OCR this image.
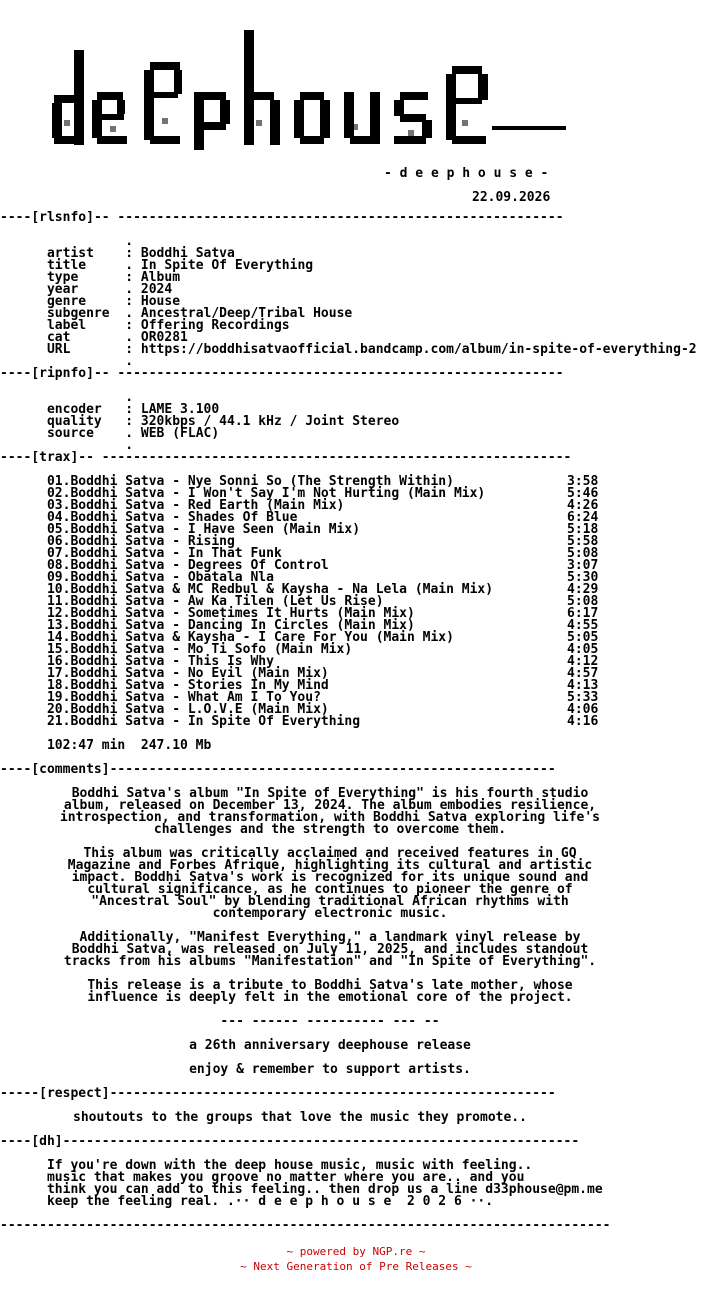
- d e e p h o u s e -
22.09.2026
----[rlsnfo]-- ---------------------------------------------------------
.
artist    : Boddhi Satva
title     . In Spite Of Everything
type      : Album
year      . 2024
genre     : House
subgenre  . Ancestral/Deep/Tribal House
label     : Offering Recordings
cat       . OR0281
URL       : https://boddhisatvaofficial.bandcamp.com/album/in-spite-of-everything-2
.
----[ripnfo]-- ---------------------------------------------------------
.
encoder   : LAME 3.100
quality   : 320kbps / 44.1 kHz / Joint Stereo
source    . WEB (FLAC)
.
----[trax]-- ------------------------------------------------------------
01.Boddhi Satva - Nye Sonni So (The Strength Within)	3:58
02.Boddhi Satva - I Won't Say I'm Not Hurting (Main Mix)	5:46
03.Boddhi Satva - Red Earth (Main Mix)	4:26
04.Boddhi Satva - Shades Of Blue	6:24
05.Boddhi Satva - I Have Seen (Main Mix)	5:18
06.Boddhi Satva - Rising	5:58
07.Boddhi Satva - In That Funk	5:08
08.Boddhi Satva - Degrees Of Control	3:07
09.Boddhi Satva - Obatala Nla	5:30
10.Boddhi Satva & MC Redbul & Kaysha - Na Lela (Main Mix)	4:29
11.Boddhi Satva - Aw Ka Tilen (Let Us Rise)	5:08
12.Boddhi Satva - Sometimes It Hurts (Main Mix)	6:17
13.Boddhi Satva - Dancing In Circles (Main Mix)	4:55
14.Boddhi Satva & Kaysha - I Care For You (Main Mix)	5:05
15.Boddhi Satva - Mo Ti Sofo (Main Mix)	4:05
16.Boddhi Satva - This Is Why	4:12
17.Boddhi Satva - No Evil (Main Mix)	4:57
18.Boddhi Satva - Stories In My Mind	4:13
19.Boddhi Satva - What Am I To You?	5:33
20.Boddhi Satva - L.O.V.E (Main Mix)	4:06
21.Boddhi Satva - In Spite Of Everything	4:16
102:47 min  247.10 Mb
----[comments]---------------------------------------------------------
Boddhi Satva's album "In Spite of Everything" is his fourth studio
album, released on December 13, 2024. The album embodies resilience,
introspection, and transformation, with Boddhi Satva exploring life's
challenges and the strength to overcome them.
This album was critically acclaimed and received features in GQ
Magazine and Forbes Afrique, highlighting its cultural and artistic
impact. Boddhi Satva's work is recognized for its unique sound and
cultural significance, as he continues to pioneer the genre of
"Ancestral Soul" by blending traditional African rhythms with
contemporary electronic music.
Additionally, "Manifest Everything," a landmark vinyl release by
Boddhi Satva, was released on July 11, 2025, and includes standout
tracks from his albums "Manifestation" and "In Spite of Everything".
This release is a tribute to Boddhi Satva's late mother, whose
influence is deeply felt in the emotional core of the project.
--- ------ ---------- --- --
a 26th anniversary deephouse release
enjoy & remember to support artists.
-----[respect]---------------------------------------------------------
shoutouts to the groups that love the music they promote..
----[dh]------------------------------------------------------------------
If you're down with the deep house music, music with feeling..
music that makes you groove no matter where you are.. and you
think you can add to this feeling.. then drop us a line d33phouse@pm.me
keep the feeling real. .·· d e e p h o u s e  2 0 2 6 ··.
------------------------------------------------------------------------------
~ powered by NGP.re ~
~ Next Generation of Pre Releases ~
